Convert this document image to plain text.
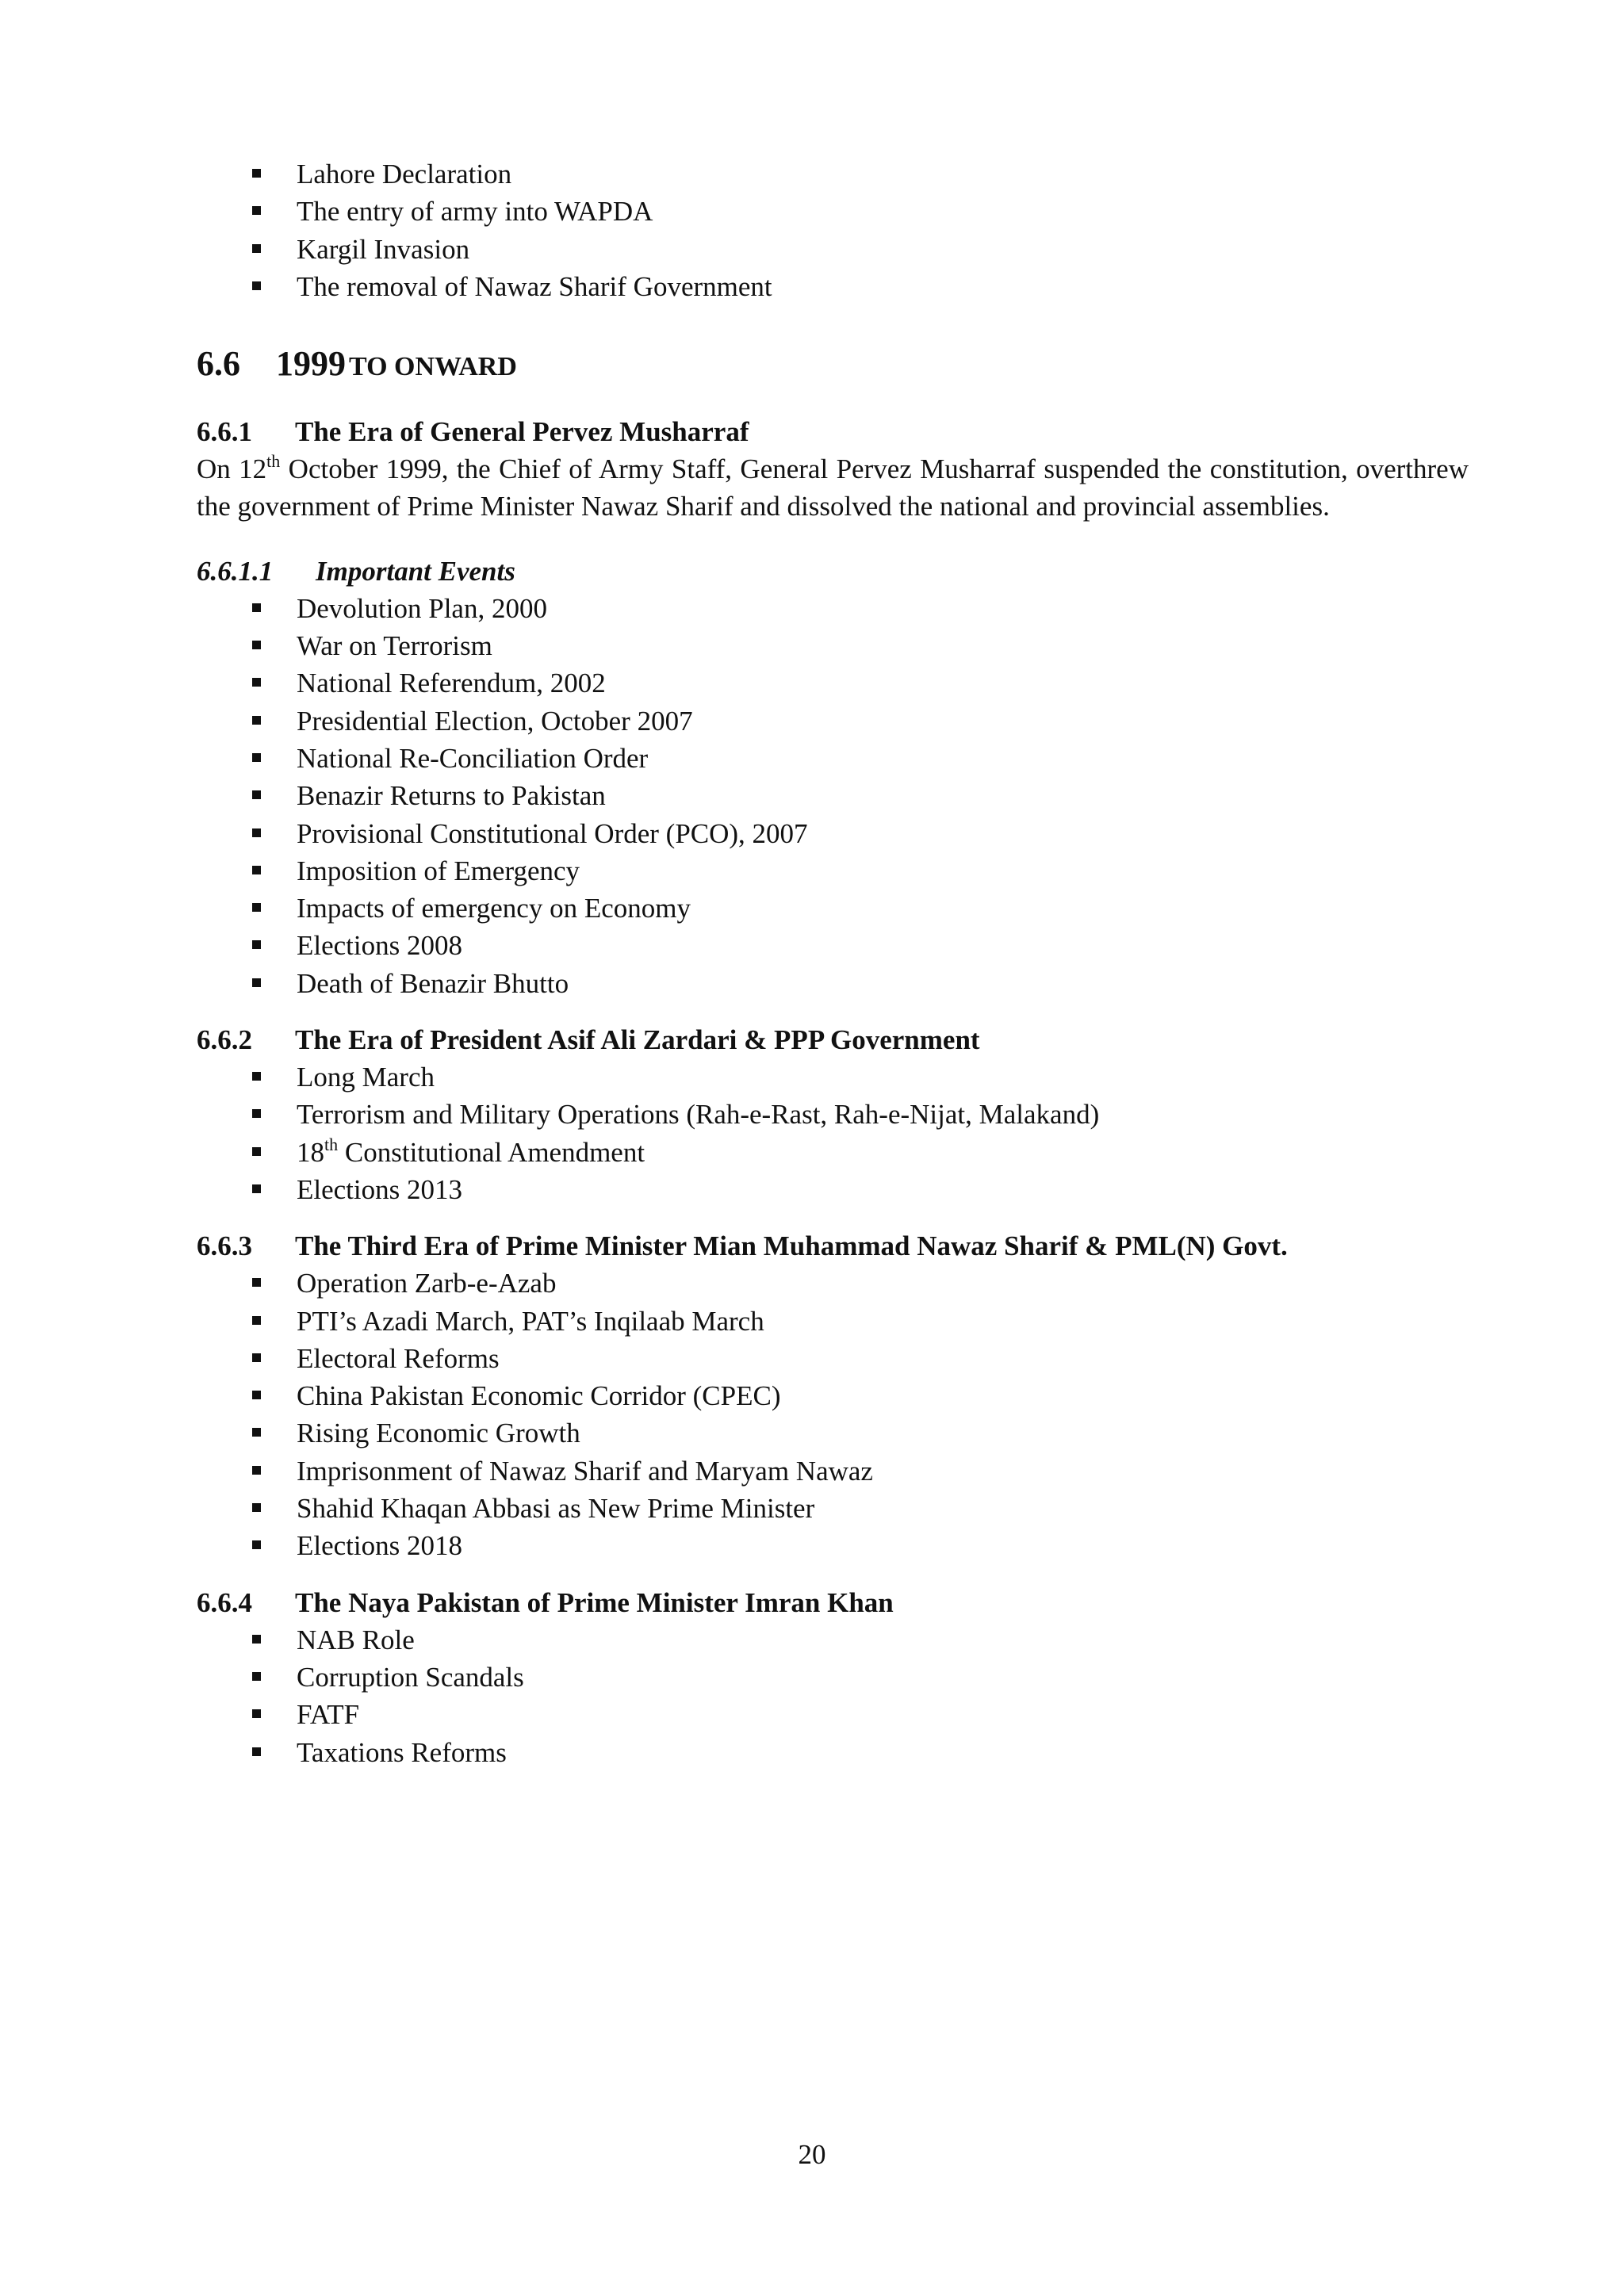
Lahore Declaration
The entry of army into WAPDA
Kargil Invasion
The removal of Nawaz Sharif Government
6.6 1999 TO ONWARD
6.6.1 The Era of General Pervez Musharraf

On 12th October 1999, the Chief of Army Staff, General Pervez Musharraf suspended the constitution, overthrew the government of Prime Minister Nawaz Sharif and dissolved the national and provincial assemblies.

6.6.1.1 Important Events
Devolution Plan, 2000
War on Terrorism
National Referendum, 2002
Presidential Election, October 2007
National Re-Conciliation Order
Benazir Returns to Pakistan
Provisional Constitutional Order (PCO), 2007
Imposition of Emergency
Impacts of emergency on Economy
Elections 2008
Death of Benazir Bhutto
6.6.2 The Era of President Asif Ali Zardari & PPP Government
Long March
Terrorism and Military Operations (Rah-e-Rast, Rah-e-Nijat, Malakand)
18th Constitutional Amendment
Elections 2013
6.6.3 The Third Era of Prime Minister Mian Muhammad Nawaz Sharif & PML(N) Govt.
Operation Zarb-e-Azab
PTI’s Azadi March, PAT’s Inqilaab March
Electoral Reforms
China Pakistan Economic Corridor (CPEC)
Rising Economic Growth
Imprisonment of Nawaz Sharif and Maryam Nawaz
Shahid Khaqan Abbasi as New Prime Minister
Elections 2018
6.6.4 The Naya Pakistan of Prime Minister Imran Khan
NAB Role
Corruption Scandals
FATF
Taxations Reforms
20
